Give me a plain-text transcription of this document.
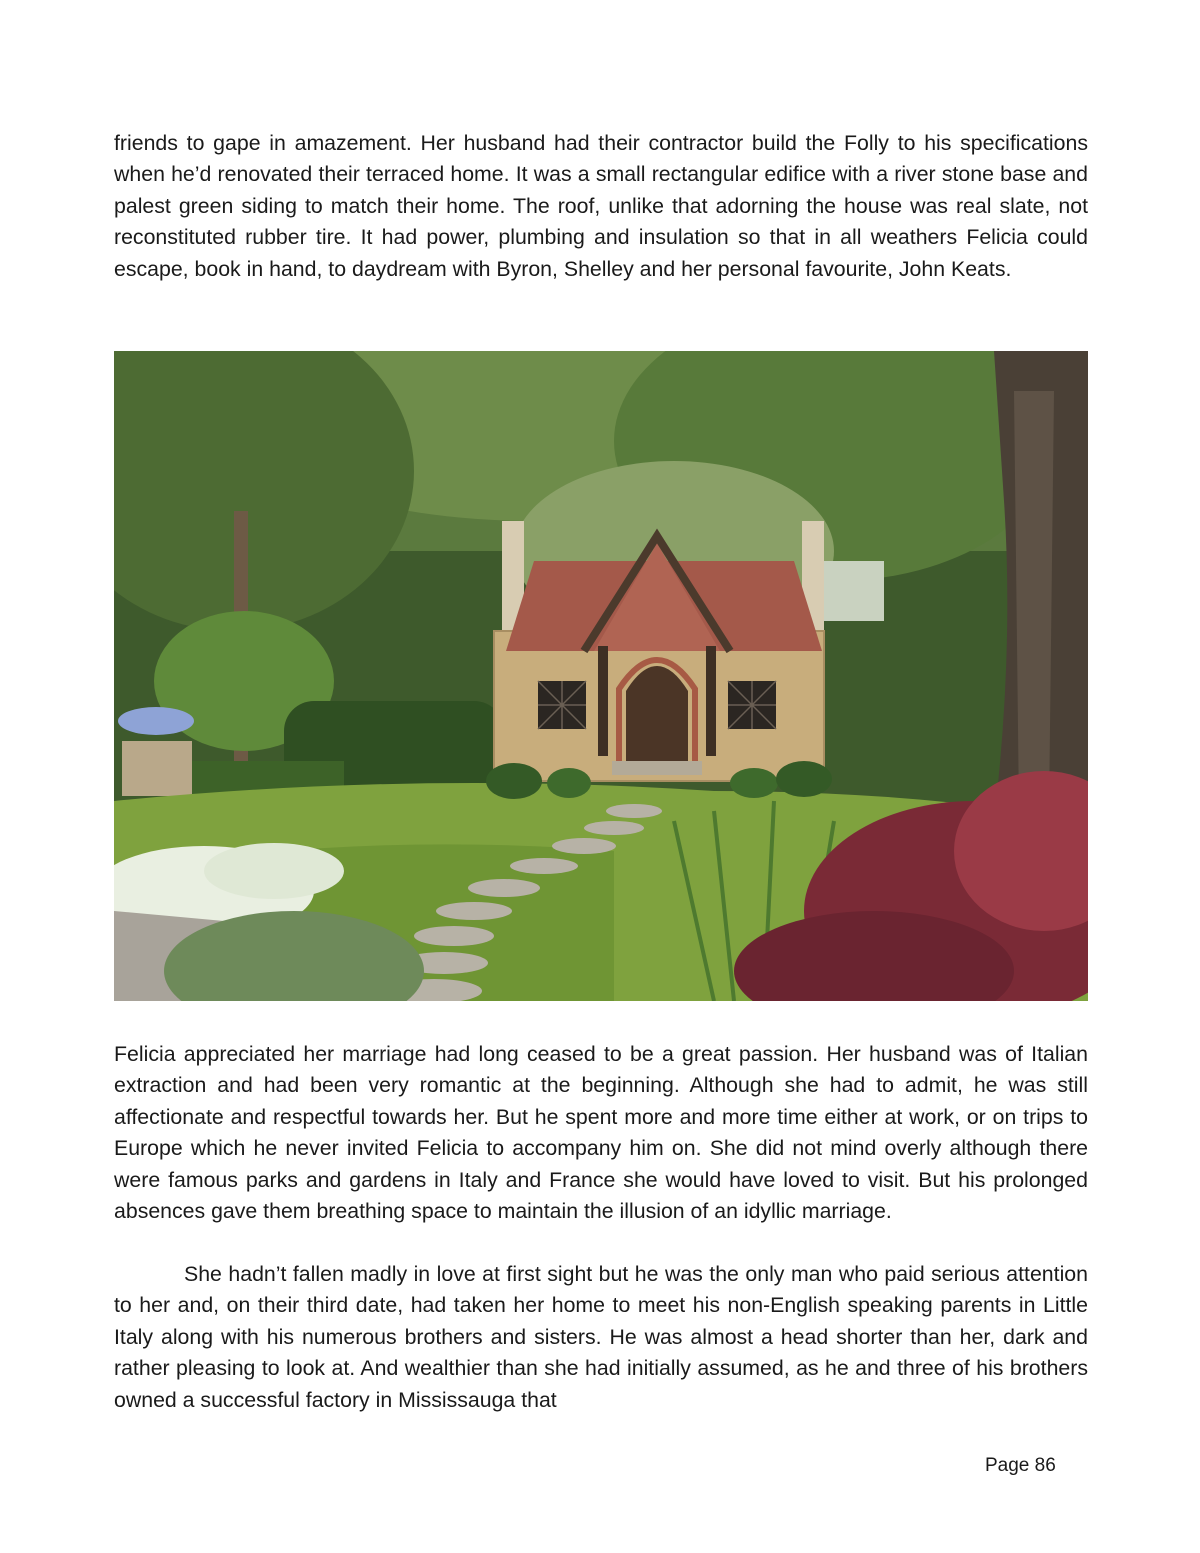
friends to gape in amazement. Her husband had their contractor build the Folly to his specifications when he’d renovated their terraced home. It was a small rectangular edifice with a river stone base and palest green siding to match their home. The roof, unlike that adorning the house was real slate, not reconstituted rubber tire. It had power, plumbing and insulation so that in all weathers Felicia could escape, book in hand, to daydream with Byron, Shelley and her personal favourite, John Keats.

Felicia appreciated her marriage had long ceased to be a great passion. Her husband was of Italian extraction and had been very romantic at the beginning. Although she had to admit, he was still affectionate and respectful towards her. But he spent more and more time either at work, or on trips to Europe which he never invited Felicia to accompany him on. She did not mind overly although there were famous parks and gardens in Italy and France she would have loved to visit. But his prolonged absences gave them breathing space to maintain the illusion of an idyllic marriage.

She hadn’t fallen madly in love at first sight but he was the only man who paid serious attention to her and, on their third date, had taken her home to meet his non-English speaking parents in Little Italy along with his numerous brothers and sisters. He was almost a head shorter than her, dark and rather pleasing to look at. And wealthier than she had initially assumed, as he and three of his brothers owned a successful factory in Mississauga that

Page 86
